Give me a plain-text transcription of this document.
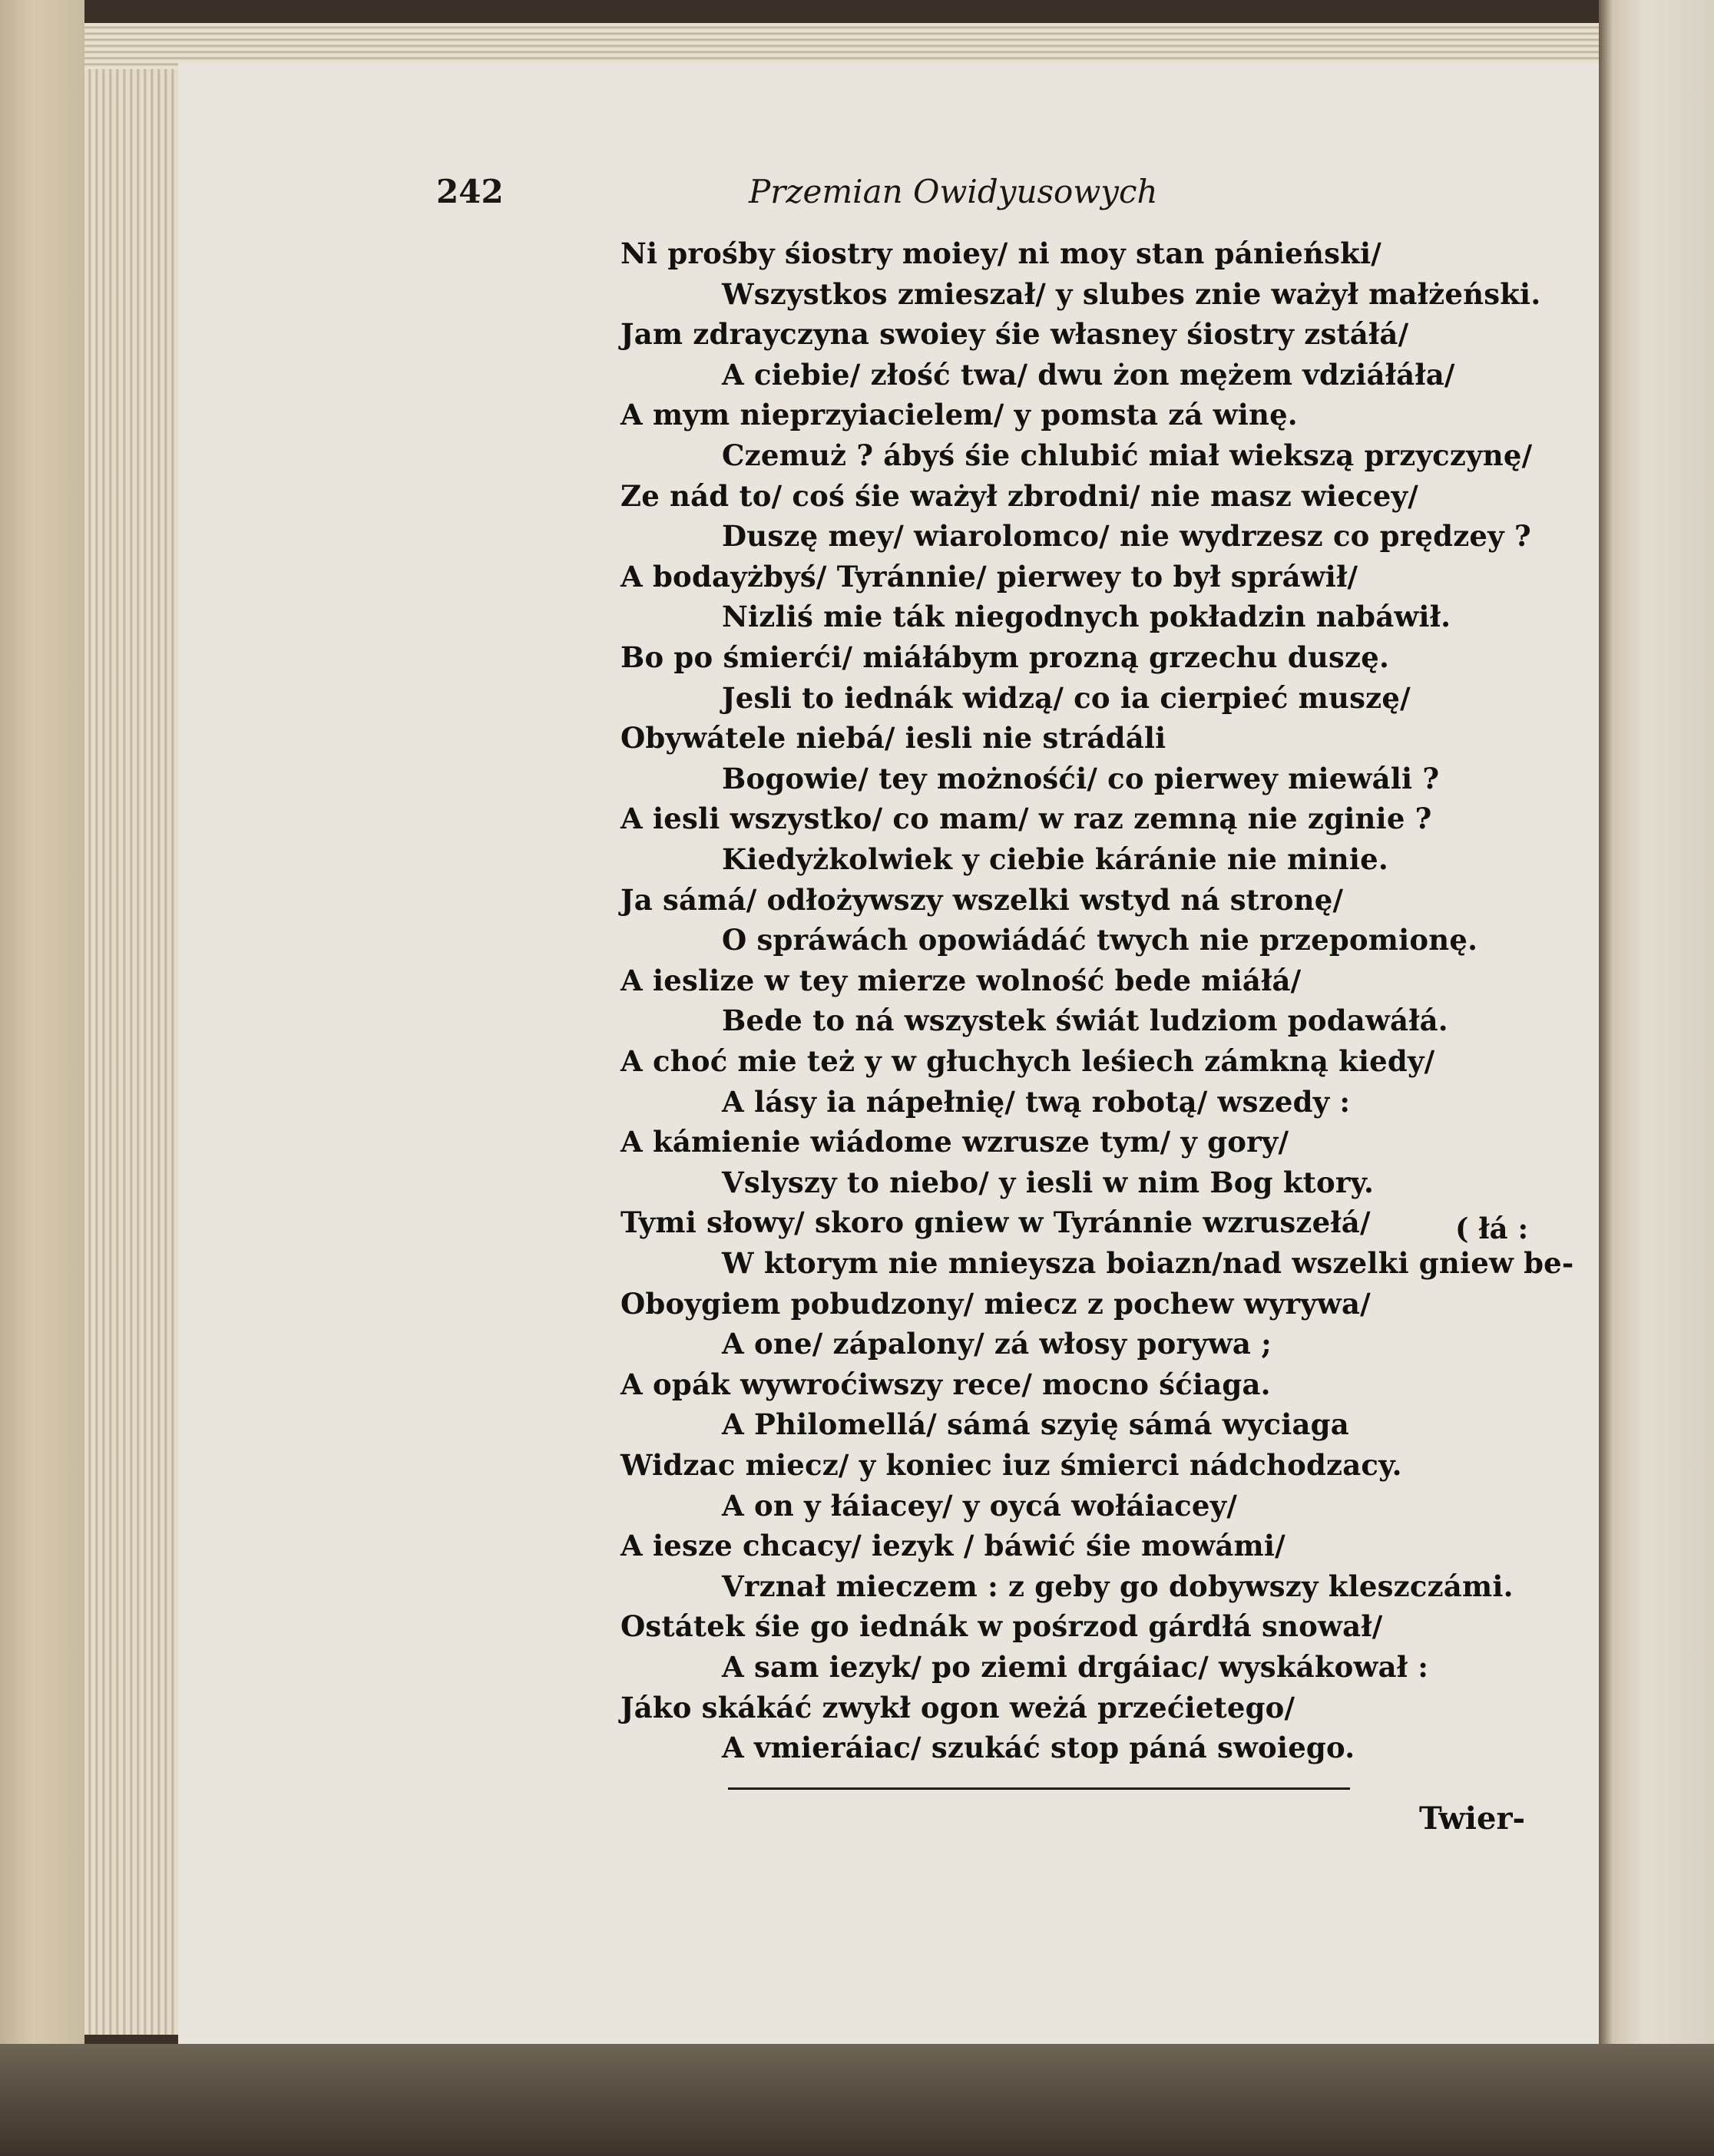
242	Przemian Owidyusowych
Ni prośby śiostry moiey/ ni moy stan pánieński/
Wszystkos zmieszał/ y slubes znie ważył małżeński.
Jam zdrayczyna swoiey śie własney śiostry zstáłá/
A ciebie/ złość twa/ dwu żon mężem vdziáłáła/
A mym nieprzyiacielem/ y pomsta zá winę.
Czemuż ? ábyś śie chlubić miał wiekszą przyczynę/
Ze nád to/ coś śie ważył zbrodni/ nie masz wiecey/
Duszę mey/ wiarolomco/ nie wydrzesz co prędzey ?
A bodayżbyś/ Tyránnie/ pierwey to był spráwił/
Nizliś mie ták niegodnych pokładzin nabáwił.
Bo po śmierći/ miáłábym prozną grzechu duszę.
Jesli to iednák widzą/ co ia cierpieć muszę/
Obywátele niebá/ iesli nie strádáli
Bogowie/ tey możnośći/ co pierwey miewáli ?
A iesli wszystko/ co mam/ w raz zemną nie zginie ?
Kiedyżkolwiek y ciebie káránie nie minie.
Ja sámá/ odłożywszy wszelki wstyd ná stronę/
O spráwách opowiádáć twych nie przepomionę.
A ieslize w tey mierze wolność bede miáłá/
Bede to ná wszystek świát ludziom podawáłá.
A choć mie też y w głuchych leśiech zámkną kiedy/
A lásy ia nápełnię/ twą robotą/ wszedy :
A kámienie wiádome wzrusze tym/ y gory/
Vslyszy to niebo/ y iesli w nim Bog ktory.
Tymi słowy/ skoro gniew w Tyránnie wzruszełá/
W ktorym nie mnieysza boiazn/nad wszelki gniew be-
Oboygiem pobudzony/ miecz z pochew wyrywa/
A one/ zápalony/ zá włosy porywa ;
A opák wywroćiwszy rece/ mocno śćiaga.
A Philomellá/ sámá szyię sámá wyciaga
Widzac miecz/ y koniec iuz śmierci nádchodzacy.
A on y łáiacey/ y oycá wołáiacey/
A iesze chcacy/ iezyk / báwić śie mowámi/
Vrznał mieczem : z geby go dobywszy kleszczámi.
Ostátek śie go iednák w pośrzod gárdłá snował/
A sam iezyk/ po ziemi drgáiac/ wyskákował :
Jáko skákáć zwykł ogon weżá przećietego/
A vmieráiac/ szukáć stop páná swoiego.
( łá :
Twier-
